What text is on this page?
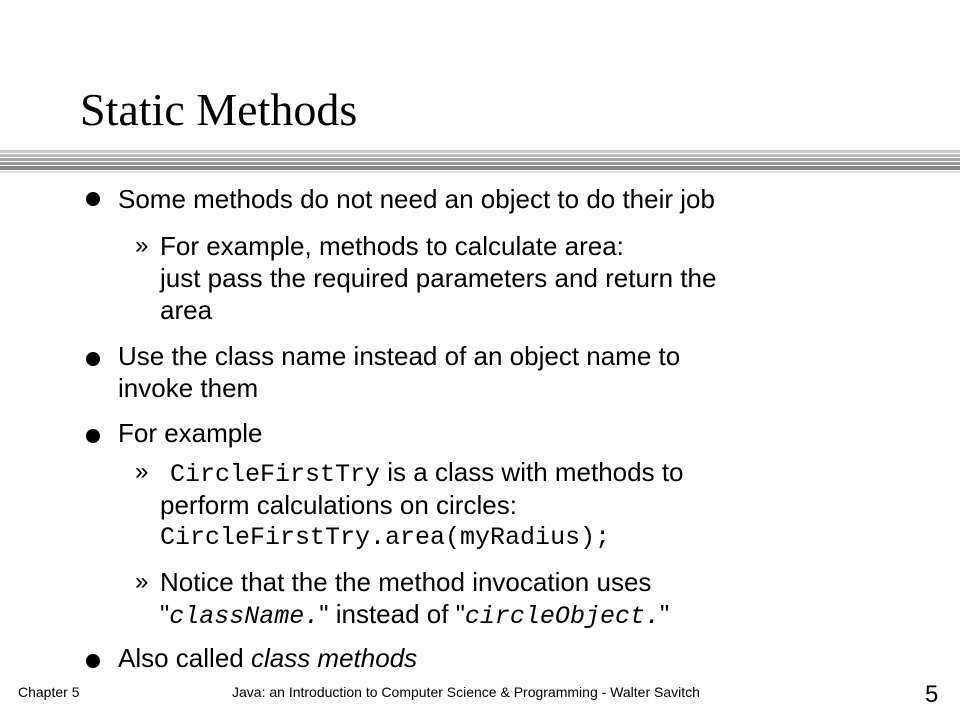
Static Methods
Some methods do not need an object to do their job
» For example, methods to calculate area:
just pass the required parameters and return the
area
Use the class name instead of an object name to
invoke them
For example
» CircleFirstTry is a class with methods to
perform calculations on circles:
CircleFirstTry.area(myRadius);
» Notice that the the method invocation uses
"className." instead of "circleObject."
Also called class methods
Chapter 5	Java: an Introduction to Computer Science & Programming - Walter Savitch	5
